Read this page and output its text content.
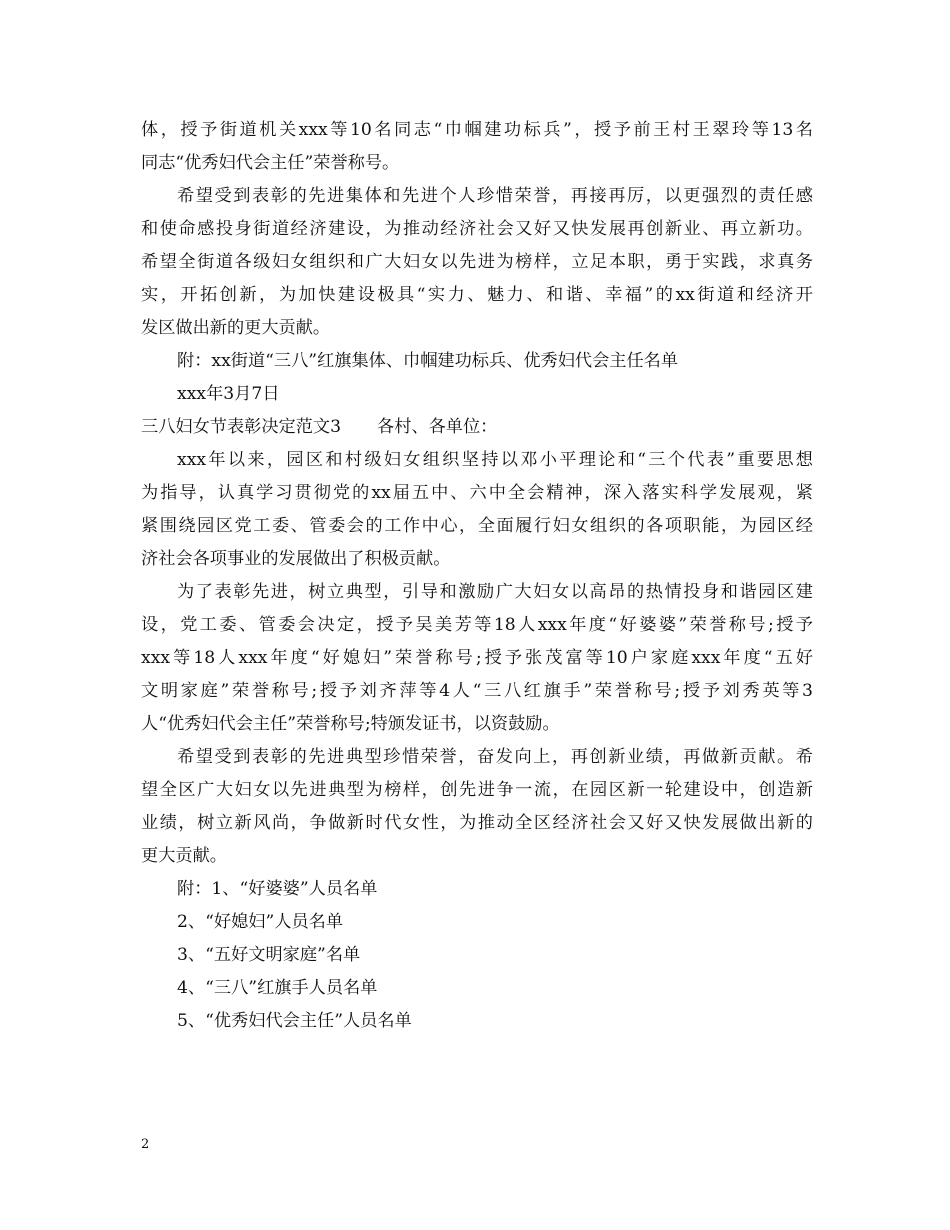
体，授予街道机关xxx等10名同志“巾帼建功标兵”，授予前王村王翠玲等13名
同志“优秀妇代会主任”荣誉称号。
希望受到表彰的先进集体和先进个人珍惜荣誉，再接再厉，以更强烈的责任感
和使命感投身街道经济建设，为推动经济社会又好又快发展再创新业、再立新功。
希望全街道各级妇女组织和广大妇女以先进为榜样，立足本职，勇于实践，求真务
实，开拓创新，为加快建设极具“实力、魅力、和谐、幸福”的xx街道和经济开
发区做出新的更大贡献。
附：xx街道“三八”红旗集体、巾帼建功标兵、优秀妇代会主任名单
xxx年3月7日
三八妇女节表彰决定范文3 各村、各单位：
xxx年以来，园区和村级妇女组织坚持以邓小平理论和“三个代表”重要思想
为指导，认真学习贯彻党的xx届五中、六中全会精神，深入落实科学发展观，紧
紧围绕园区党工委、管委会的工作中心，全面履行妇女组织的各项职能，为园区经
济社会各项事业的发展做出了积极贡献。
为了表彰先进，树立典型，引导和激励广大妇女以高昂的热情投身和谐园区建
设，党工委、管委会决定，授予吴美芳等18人xxx年度“好婆婆”荣誉称号;授予
xxx等18人xxx年度“好媳妇”荣誉称号;授予张茂富等10户家庭xxx年度“五好
文明家庭”荣誉称号;授予刘齐萍等4人“三八红旗手”荣誉称号;授予刘秀英等3
人“优秀妇代会主任”荣誉称号;特颁发证书，以资鼓励。
希望受到表彰的先进典型珍惜荣誉，奋发向上，再创新业绩，再做新贡献。希
望全区广大妇女以先进典型为榜样，创先进争一流，在园区新一轮建设中，创造新
业绩，树立新风尚，争做新时代女性，为推动全区经济社会又好又快发展做出新的
更大贡献。
附：1、“好婆婆”人员名单
2、“好媳妇”人员名单
3、“五好文明家庭”名单
4、“三八”红旗手人员名单
5、“优秀妇代会主任”人员名单
2
